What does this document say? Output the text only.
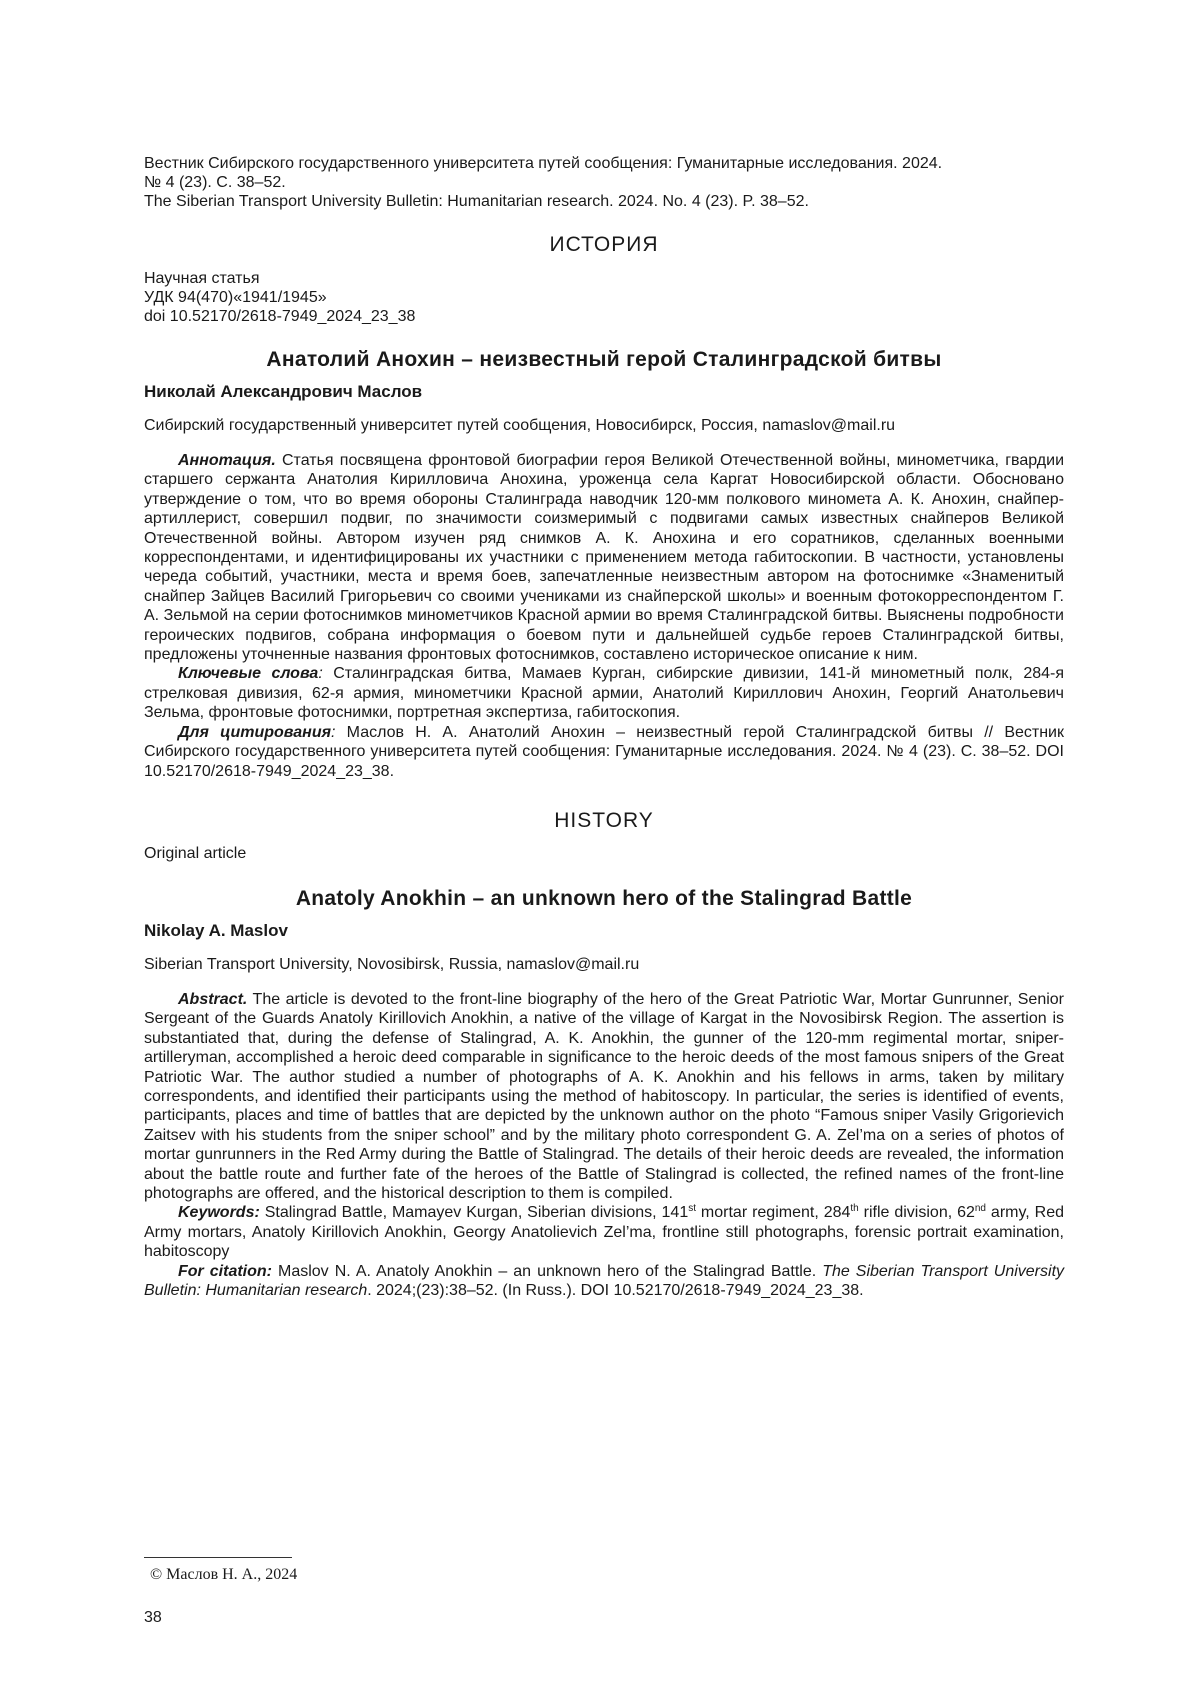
Вестник Сибирского государственного университета путей сообщения: Гуманитарные исследования. 2024.
№ 4 (23). С. 38–52.
The Siberian Transport University Bulletin: Humanitarian research. 2024. No. 4 (23). P. 38–52.
ИСТОРИЯ
Научная статья
УДК 94(470)«1941/1945»
doi 10.52170/2618-7949_2024_23_38
Анатолий Анохин – неизвестный герой Сталинградской битвы
Николай Александрович Маслов
Сибирский государственный университет путей сообщения, Новосибирск, Россия, namaslov@mail.ru

Аннотация. Статья посвящена фронтовой биографии героя Великой Отечественной войны, минометчика, гвардии старшего сержанта Анатолия Кирилловича Анохина, уроженца села Каргат Новосибирской области. Обосновано утверждение о том, что во время обороны Сталинграда наводчик 120-мм полкового миномета А. К. Анохин, снайпер-артиллерист, совершил подвиг, по значимости соизмеримый с подвигами самых известных снайперов Великой Отечественной войны. Автором изучен ряд снимков А. К. Анохина и его соратников, сделанных военными корреспондентами, и идентифицированы их участники с применением метода габитоскопии. В частности, установлены череда событий, участники, места и время боев, запечатленные неизвестным автором на фотоснимке «Знаменитый снайпер Зайцев Василий Григорьевич со своими учениками из снайперской школы» и военным фотокорреспондентом Г. А. Зельмой на серии фотоснимков минометчиков Красной армии во время Сталинградской битвы. Выяснены подробности героических подвигов, собрана информация о боевом пути и дальнейшей судьбе героев Сталинградской битвы, предложены уточненные названия фронтовых фотоснимков, составлено историческое описание к ним.

Ключевые слова: Сталинградская битва, Мамаев Курган, сибирские дивизии, 141-й минометный полк, 284-я стрелковая дивизия, 62-я армия, минометчики Красной армии, Анатолий Кириллович Анохин, Георгий Анатольевич Зельма, фронтовые фотоснимки, портретная экспертиза, габитоскопия.

Для цитирования: Маслов Н. А. Анатолий Анохин – неизвестный герой Сталинградской битвы // Вестник Сибирского государственного университета путей сообщения: Гуманитарные исследования. 2024. № 4 (23). С. 38–52. DOI 10.52170/2618-7949_2024_23_38.

HISTORY
Original article
Anatoly Anokhin – an unknown hero of the Stalingrad Battle
Nikolay A. Maslov
Siberian Transport University, Novosibirsk, Russia, namaslov@mail.ru

Abstract. The article is devoted to the front-line biography of the hero of the Great Patriotic War, Mortar Gunrunner, Senior Sergeant of the Guards Anatoly Kirillovich Anokhin, a native of the village of Kargat in the Novosibirsk Region. The assertion is substantiated that, during the defense of Stalingrad, A. K. Anokhin, the gunner of the 120-mm regimental mortar, sniper-artilleryman, accomplished a heroic deed comparable in significance to the heroic deeds of the most famous snipers of the Great Patriotic War. The author studied a number of photographs of A. K. Anokhin and his fellows in arms, taken by military correspondents, and identified their participants using the method of habitoscopy. In particular, the series is identified of events, participants, places and time of battles that are depicted by the unknown author on the photo “Famous sniper Vasily Grigorievich Zaitsev with his students from the sniper school” and by the military photo correspondent G. A. Zel’ma on a series of photos of mortar gunrunners in the Red Army during the Battle of Stalingrad. The details of their heroic deeds are revealed, the information about the battle route and further fate of the heroes of the Battle of Stalingrad is collected, the refined names of the front-line photographs are offered, and the historical description to them is compiled.

Keywords: Stalingrad Battle, Mamayev Kurgan, Siberian divisions, 141st mortar regiment, 284th rifle division, 62nd army, Red Army mortars, Anatoly Kirillovich Anokhin, Georgy Anatolievich Zel’ma, frontline still photographs, forensic portrait examination, habitoscopy

For citation: Maslov N. A. Anatoly Anokhin – an unknown hero of the Stalingrad Battle. The Siberian Transport University Bulletin: Humanitarian research. 2024;(23):38–52. (In Russ.). DOI 10.52170/2618-7949_2024_23_38.

© Маслов Н. А., 2024
38
